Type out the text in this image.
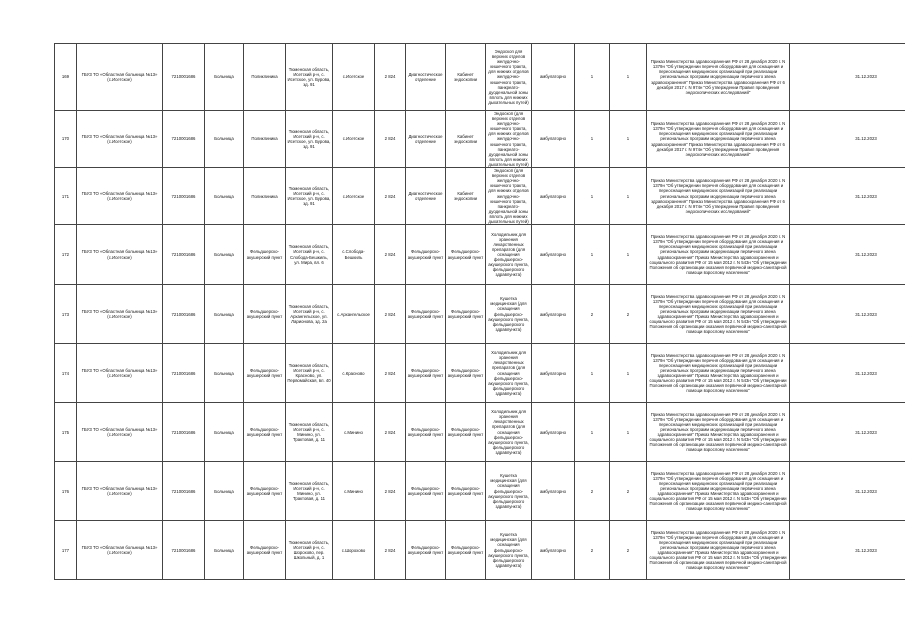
169	ГБУЗ ТО «Областная больница №13» (с.Исетское)	7210001686	Больница	Поликлиника	Тюменская область, Исетский р-н, с. Исетское, ул. Бурова, зд. 91	с.Исетское	2 824	Диагностическое отделение	Кабинет эндоскопии	Эндоскоп для верхних отделов желудочно-кишечного тракта, для нижних отделов желудочно-кишечного тракта, панкреато-дуоденальной зоны вплоть для нижних дыхательных путей)	амбулаторно	1	1	Приказ Министерства здравоохранения РФ от 28 декабря 2020 г. N 1379н "Об утверждении перечня оборудования для оснащения и переоснащения медицинских организаций при реализации региональных программ модернизации первичного звена здравоохранения" Приказ Министерства здравоохранения РФ от 6 декабря 2017 г. N 974н "Об утверждении Правил проведения эндоскопических исследований"	31.12.2023
170	ГБУЗ ТО «Областная больница №13» (с.Исетское)	7210001686	Больница	Поликлиника	Тюменская область, Исетский р-н, с. Исетское, ул. Бурова, зд. 91	с.Исетское	2 824	Диагностическое отделение	Кабинет эндоскопии	Эндоскоп (для верхних отделов желудочно-кишечного тракта, для нижних отделов желудочно-кишечного тракта, панкреато-дуоденальной зоны вплоть для нижних дыхательных путей)	амбулаторно	1	1	Приказ Министерства здравоохранения РФ от 28 декабря 2020 г. N 1379н "Об утверждении перечня оборудования для оснащения и переоснащения медицинских организаций при реализации региональных программ модернизации первичного звена здравоохранения" Приказ Министерства здравоохранения РФ от 6 декабря 2017 г. N 974н "Об утверждении Правил проведения эндоскопических исследований"	31.12.2023
171	ГБУЗ ТО «Областная больница №13» (с.Исетское)	7210001686	Больница	Поликлиника	Тюменская область, Исетский р-н, с. Исетское, ул. Бурова, зд. 91	с.Исетское	2 824	Диагностическое отделение	Кабинет эндоскопии	Эндоскоп (для верхних отделов желудочно-кишечного тракта, для нижних отделов желудочно-кишечного тракта, панкреато-дуоденальной зоны вплоть для нижних дыхательных путей)	амбулаторно	1	1	Приказ Министерства здравоохранения РФ от 28 декабря 2020 г. N 1379н "Об утверждении перечня оборудования для оснащения и переоснащения медицинских организаций при реализации региональных программ модернизации первичного звена здравоохранения" Приказ Министерства здравоохранения РФ от 6 декабря 2017 г. N 974н "Об утверждении Правил проведения эндоскопических исследований"	31.12.2023
172	ГБУЗ ТО «Областная больница №13» (с.Исетское)	7210001686	Больница	Фельдшерско-акушерский пункт	Тюменская область, Исетский р-н, с. Слобода-Бешкиль, ул. Мира, вл. 6	с.Слобода-Бешкиль	2 824	Фельдшерско-акушерский пункт	Фельдшерско-акушерский пункт	Холодильник для хранения лекарственных препаратов (для оснащения фельдшерско-акушерского пункта, фельдшерского здравпункта)	амбулаторно	1	1	Приказ Министерства здравоохранения РФ от 28 декабря 2020 г. N 1379н "Об утверждении перечня оборудования для оснащения и переоснащения медицинских организаций при реализации региональных программ модернизации первичного звена здравоохранения" Приказ Министерства здравоохранения и социального развития РФ от 15 мая 2012 г. N 543н "Об утверждении Положения об организации оказания первичной медико-санитарной помощи взрослому населению"	31.12.2023
173	ГБУЗ ТО «Областная больница №13» (с.Исетское)	7210001686	Больница	Фельдшерско-акушерский пункт	Тюменская область, Исетский р-н, с. Архангельское, ул. Ларионова, зд. 2а	с.Архангельское	2 824	Фельдшерско-акушерский пункт	Фельдшерско-акушерский пункт	Кушетка медицинская (для оснащения фельдшерско-акушерского пункта, фельдшерского здравпункта)	амбулаторно	2	2	Приказ Министерства здравоохранения РФ от 28 декабря 2020 г. N 1379н "Об утверждении перечня оборудования для оснащения и переоснащения медицинских организаций при реализации региональных программ модернизации первичного звена здравоохранения" Приказ Министерства здравоохранения и социального развития РФ от 15 мая 2012 г. N 543н "Об утверждении Положения об организации оказания первичной медико-санитарной помощи взрослому населению"	31.12.2023
174	ГБУЗ ТО «Областная больница №13» (с.Исетское)	7210001686	Больница	Фельдшерско-акушерский пункт	Тюменская область, Исетский р-н, с. Красново, ул. Первомайская, вл. 40	с.Красново	2 824	Фельдшерско-акушерский пункт	Фельдшерско-акушерский пункт	Холодильник для хранения лекарственных препаратов (для оснащения фельдшерско-акушерского пункта, фельдшерского здравпункта)	амбулаторно	1	1	Приказ Министерства здравоохранения РФ от 28 декабря 2020 г. N 1379н "Об утверждении перечня оборудования для оснащения и переоснащения медицинских организаций при реализации региональных программ модернизации первичного звена здравоохранения" Приказ Министерства здравоохранения и социального развития РФ от 15 мая 2012 г. N 543н "Об утверждении Положения об организации оказания первичной медико-санитарной помощи взрослому населению"	31.12.2023
175	ГБУЗ ТО «Областная больница №13» (с.Исетское)	7210001686	Больница	Фельдшерско-акушерский пункт	Тюменская область, Исетский р-н, с. Минино, ул. Трактовая, д. 11	с.Минино	2 824	Фельдшерско-акушерский пункт	Фельдшерско-акушерский пункт	Холодильник для хранения лекарственных препаратов (для оснащения фельдшерско-акушерского пункта, фельдшерского здравпункта)	амбулаторно	1	1	Приказ Министерства здравоохранения РФ от 28 декабря 2020 г. N 1379н "Об утверждении перечня оборудования для оснащения и переоснащения медицинских организаций при реализации региональных программ модернизации первичного звена здравоохранения" Приказ Министерства здравоохранения и социального развития РФ от 15 мая 2012 г. N 543н "Об утверждении Положения об организации оказания первичной медико-санитарной помощи взрослому населению"	31.12.2023
176	ГБУЗ ТО «Областная больница №13» (с.Исетское)	7210001686	Больница	Фельдшерско-акушерский пункт	Тюменская область, Исетский р-н, с. Минино, ул. Трактовая, д. 11	с.Минино	2 824	Фельдшерско-акушерский пункт	Фельдшерско-акушерский пункт	Кушетка медицинская (для оснащения фельдшерско-акушерского пункта, фельдшерского здравпункта)	амбулаторно	2	2	Приказ Министерства здравоохранения РФ от 28 декабря 2020 г. N 1379н "Об утверждении перечня оборудования для оснащения и переоснащения медицинских организаций при реализации региональных программ модернизации первичного звена здравоохранения" Приказ Министерства здравоохранения и социального развития РФ от 15 мая 2012 г. N 543н "Об утверждении Положения об организации оказания первичной медико-санитарной помощи взрослому населению"	31.12.2023
177	ГБУЗ ТО «Областная больница №13» (с.Исетское)	7210001686	Больница	Фельдшерско-акушерский пункт	Тюменская область, Исетский р-н, с. Шорохово, пер. Школьный, д. 1	с.Шорохово	2 824	Фельдшерско-акушерский пункт	Фельдшерско-акушерский пункт	Кушетка медицинская (для оснащения фельдшерско-акушерского пункта, фельдшерского здравпункта)	амбулаторно	2	2	Приказ Министерства здравоохранения РФ от 28 декабря 2020 г. N 1379н "Об утверждении перечня оборудования для оснащения и переоснащения медицинских организаций при реализации региональных программ модернизации первичного звена здравоохранения" Приказ Министерства здравоохранения и социального развития РФ от 15 мая 2012 г. N 543н "Об утверждении Положения об организации оказания первичной медико-санитарной помощи взрослому населению"	31.12.2023
